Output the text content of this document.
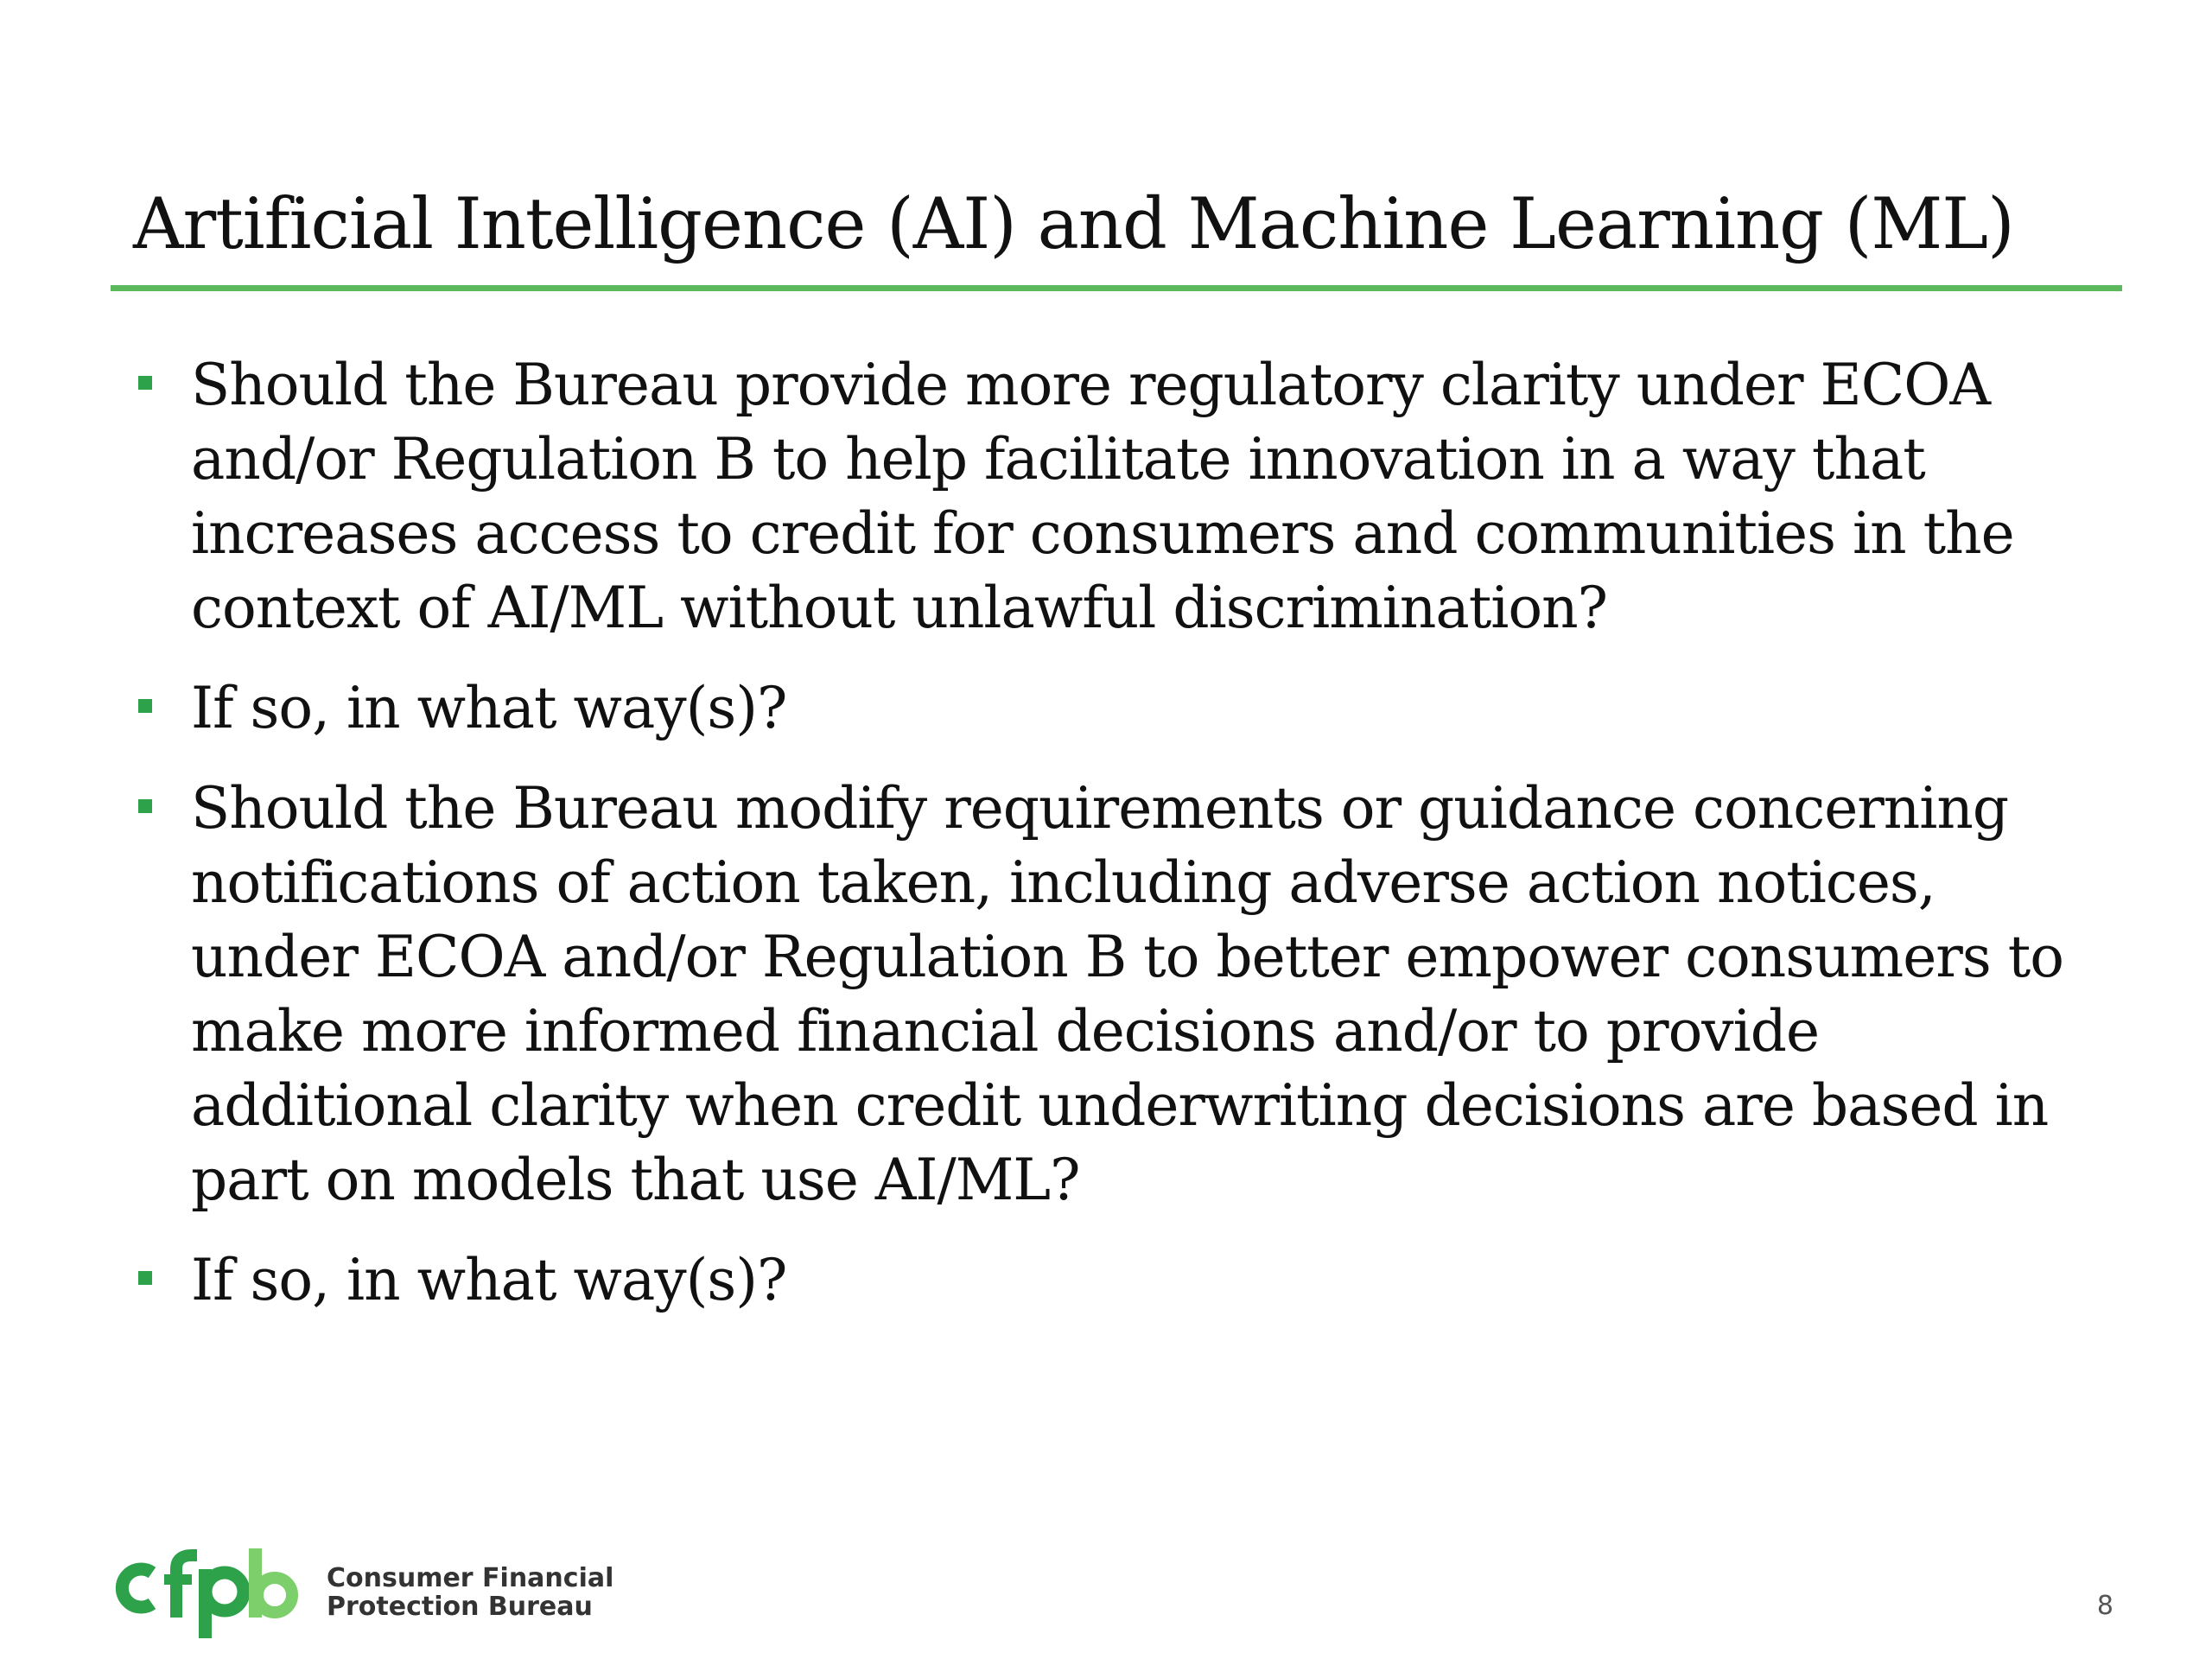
Artificial Intelligence (AI) and Machine Learning (ML)
Should the Bureau provide more regulatory clarity under ECOA and/or Regulation B to help facilitate innovation in a way that increases access to credit for consumers and communities in the context of AI/ML without unlawful discrimination?
If so, in what way(s)?
Should the Bureau modify requirements or guidance concerning notifications of action taken, including adverse action notices, under ECOA and/or Regulation B to better empower consumers to make more informed financial decisions and/or to provide additional clarity when credit underwriting decisions are based in part on models that use AI/ML?
If so, in what way(s)?
Consumer Financial
Protection Bureau	8
